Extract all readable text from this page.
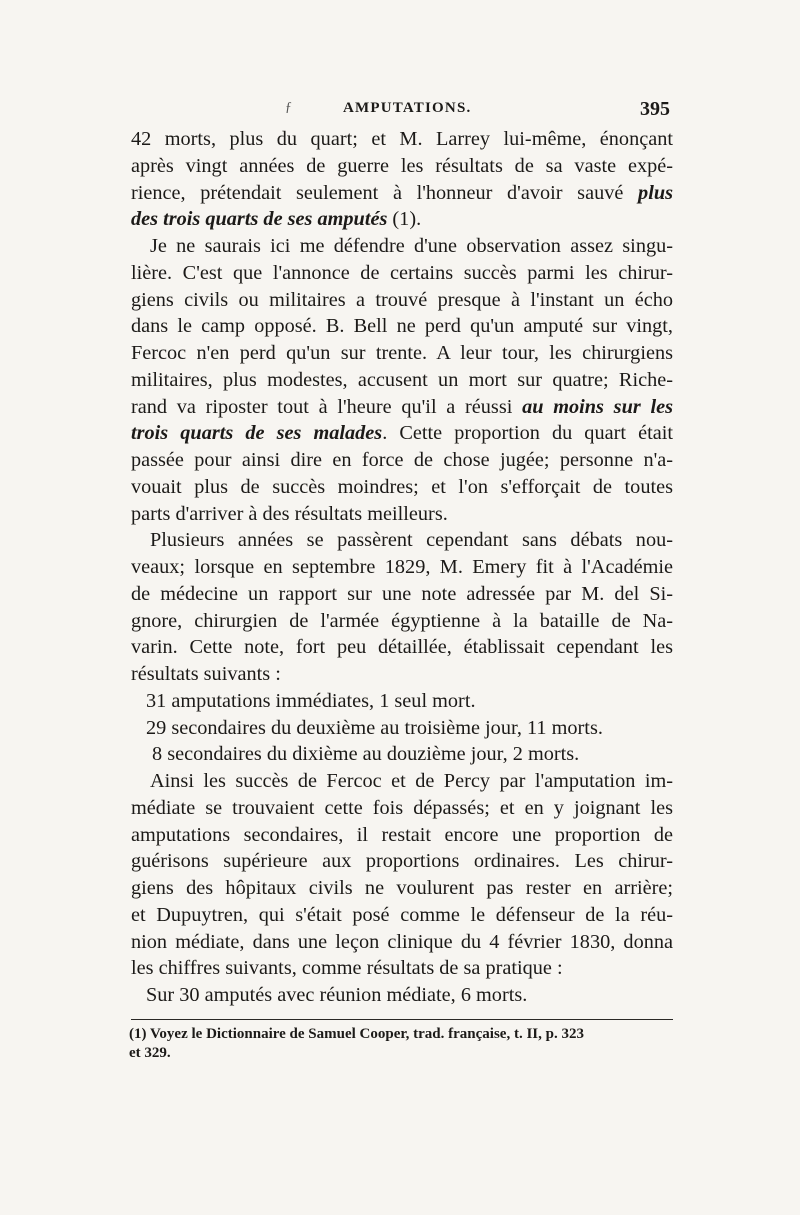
ƒ	AMPUTATIONS.	395
42 morts, plus du quart; et M. Larrey lui-même, énonçant
après vingt années de guerre les résultats de sa vaste expé-
rience, prétendait seulement à l'honneur d'avoir sauvé plus
des trois quarts de ses amputés (1).
Je ne saurais ici me défendre d'une observation assez singu-
lière. C'est que l'annonce de certains succès parmi les chirur-
giens civils ou militaires a trouvé presque à l'instant un écho
dans le camp opposé. B. Bell ne perd qu'un amputé sur vingt,
Fercoc n'en perd qu'un sur trente. A leur tour, les chirurgiens
militaires, plus modestes, accusent un mort sur quatre; Riche-
rand va riposter tout à l'heure qu'il a réussi au moins sur les
trois quarts de ses malades. Cette proportion du quart était
passée pour ainsi dire en force de chose jugée; personne n'a-
vouait plus de succès moindres; et l'on s'efforçait de toutes
parts d'arriver à des résultats meilleurs.
Plusieurs années se passèrent cependant sans débats nou-
veaux; lorsque en septembre 1829, M. Emery fit à l'Académie
de médecine un rapport sur une note adressée par M. del Si-
gnore, chirurgien de l'armée égyptienne à la bataille de Na-
varin. Cette note, fort peu détaillée, établissait cependant les
résultats suivants :
31 amputations immédiates, 1 seul mort.
29 secondaires du deuxième au troisième jour, 11 morts.
8 secondaires du dixième au douzième jour, 2 morts.
Ainsi les succès de Fercoc et de Percy par l'amputation im-
médiate se trouvaient cette fois dépassés; et en y joignant les
amputations secondaires, il restait encore une proportion de
guérisons supérieure aux proportions ordinaires. Les chirur-
giens des hôpitaux civils ne voulurent pas rester en arrière;
et Dupuytren, qui s'était posé comme le défenseur de la réu-
nion médiate, dans une leçon clinique du 4 février 1830, donna
les chiffres suivants, comme résultats de sa pratique :
Sur 30 amputés avec réunion médiate, 6 morts.
(1) Voyez le Dictionnaire de Samuel Cooper, trad. française, t. II, p. 323
et 329.
